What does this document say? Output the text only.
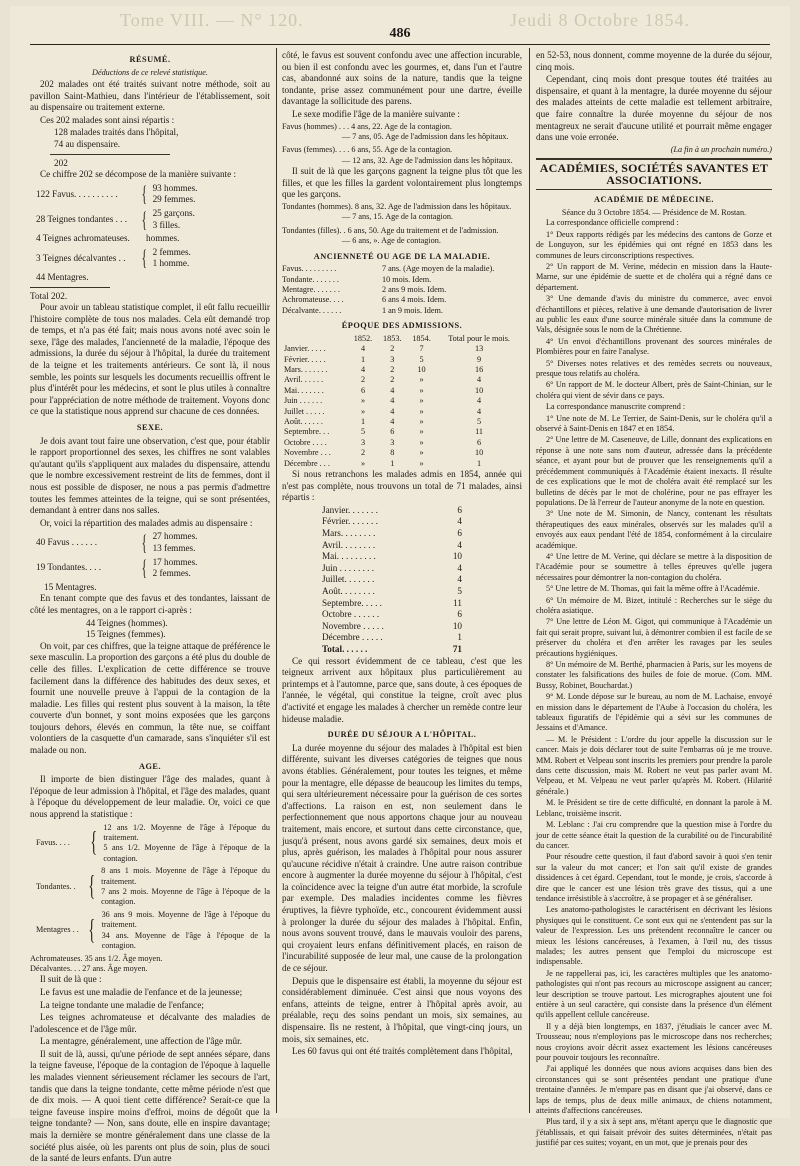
Tome VIII. — N° 120.	Jeudi 8 Octobre 1854.
486
RÉSUMÉ.

Déductions de ce relevé statistique.

202 malades ont été traités suivant notre méthode, soit au pavillon Saint-Mathieu, dans l'intérieur de l'établissement, soit au dispensaire ou traitement externe.

Ces 202 malades sont ainsi répartis :

128 malades traités dans l'hôpital,
74 au dispensaire.
202

Ce chiffre 202 se décompose de la manière suivante :

122 Favus. . . . . . . . . .	{ 93 hommes.
29 femmes.
28 Teignes tondantes . . . { 25 garçons.
3 filles.
4 Teignes achromateuses.	hommes.
3 Teignes décalvantes . . { 2 femmes.
1 homme.
44 Mentagres.
Total 202.

Pour avoir un tableau statistique complet, il eût fallu recueillir l'histoire complète de tous nos malades. Cela eût demandé trop de temps, et n'a pas été fait; mais nous avons noté avec soin le sexe, l'âge des malades, l'ancienneté de la maladie, l'époque des admissions, la durée du séjour à l'hôpital, la durée du traitement de la teigne et les traitements antérieurs. Ce sont là, il nous semble, les points sur lesquels les documents recueillis offrent le plus d'intérêt pour les médecins, et sont le plus utiles à connaître pour l'appréciation de notre méthode de traitement. Voyons donc ce que la statistique nous apprend sur chacune de ces données.

SEXE.

Je dois avant tout faire une observation, c'est que, pour établir le rapport proportionnel des sexes, les chiffres ne sont valables qu'autant qu'ils s'appliquent aux malades du dispensaire, attendu que le nombre excessivement restreint de lits de femmes, dont il nous est possible de disposer, ne nous a pas permis d'admettre toutes les femmes atteintes de la teigne, qui se sont présentées, demandant à entrer dans nos salles.

Or, voici la répartition des malades admis au dispensaire :

40 Favus . . . . . .	{ 27 hommes.
13 femmes.
19 Tondantes. . . .	{ 17 hommes.
2 femmes.
15 Mentagres.

En tenant compte que des favus et des tondantes, laissant de côté les mentagres, on a le rapport ci-après :

44 Teignes (hommes).
15 Teignes (femmes).

On voit, par ces chiffres, que la teigne attaque de préférence le sexe masculin. La proportion des garçons a été plus du double de celle des filles. L'explication de cette différence se trouve facilement dans la différence des habitudes des deux sexes, et fournit une nouvelle preuve à l'appui de la contagion de la maladie. Les filles qui restent plus souvent à la maison, la tête couverte d'un bonnet, y sont moins exposées que les garçons toujours dehors, élevés en commun, la tête nue, se coiffant volontiers de la casquette d'un camarade, sans s'inquiéter s'il est malade ou non.

AGE.

Il importe de bien distinguer l'âge des malades, quant à l'époque de leur admission à l'hôpital, et l'âge des malades, quant à l'époque du développement de leur maladie. Or, voici ce que nous apprend la statistique :

Favus. . . . {
12 ans 1/2. Moyenne de l'âge à l'époque du traitement.
5 ans 1/2. Moyenne de l'âge à l'époque de la contagion.
Tondantes. . {
8 ans 1 mois. Moyenne de l'âge à l'époque du traitement.
7 ans 2 mois. Moyenne de l'âge à l'époque de la contagion.
Mentagres . . {
36 ans 9 mois. Moyenne de l'âge à l'époque du traitement.
34 ans. Moyenne de l'âge à l'époque de la contagion.
Achromateuses. 35 ans 1/2. Âge moyen.
Décalvantes. . . 27 ans. Âge moyen.

Il suit de là que :

Le favus est une maladie de l'enfance et de la jeunesse;

La teigne tondante une maladie de l'enfance;

Les teignes achromateuse et décalvante des maladies de l'adolescence et de l'âge mûr.

La mentagre, généralement, une affection de l'âge mûr.

Il suit de là, aussi, qu'une période de sept années sépare, dans la teigne faveuse, l'époque de la contagion de l'époque à laquelle les malades viennent sérieusement réclamer les secours de l'art, tandis que dans la teigne tondante, cette même période n'est que de dix mois. — A quoi tient cette différence? Serait-ce que la teigne faveuse inspire moins d'effroi, moins de dégoût que la teigne tondante? — Non, sans doute, elle en inspire davantage; mais la dernière se montre généralement dans une classe de la société plus aisée, où les parents ont plus de soin, plus de souci de la santé de leurs enfants. D'un autre

côté, le favus est souvent confondu avec une affection incurable, ou bien il est confondu avec les gourmes, et, dans l'un et l'autre cas, abandonné aux soins de la nature, tandis que la teigne tondante, prise assez communément pour une dartre, éveille davantage la sollicitude des parens.

Le sexe modifie l'âge de la manière suivante :

Favus (hommes) . . . 4 ans, 22. Age de la contagion.
— 7 ans, 05. Age de l'admission dans les hôpitaux.
Favus (femmes). . . . 6 ans, 55. Age de la contagion.
— 12 ans, 32. Age de l'admission dans les hôpitaux.

Il suit de là que les garçons gagnent la teigne plus tôt que les filles, et que les filles la gardent volontairement plus longtemps que les garçons.

Tondantes (hommes). 8 ans, 32. Age de l'admission dans les hôpitaux.
— 7 ans, 15. Age de la contagion.
Tondantes (filles). . 6 ans, 50. Age du traitement et de l'admission.
— 6 ans, ». Age de contagion.
ANCIENNETÉ OU AGE DE LA MALADIE.
Favus. . . . . . . . .	7 ans. (Age moyen de la maladie).
Tondante. . . . . . .	10 mois. Idem.
Mentagre. . . . . . .	2 ans 9 mois. Idem.
Achromateuse. . . .	6 ans 4 mois. Idem.
Décalvante. . . . . .	1 an 9 mois. Idem.
ÉPOQUE DES ADMISSIONS.
	1852.	1853.	1854.	Total pour le mois.
Janvier. . . . .	4	2	7	13
Février. . . . .	1	3	5	9
Mars. . . . . . .	4	2	10	16
Avril. . . . . .	2	2	»	4
Mai. . . . . . .	6	4	»	10
Juin . . . . . .	»	4	»	4
Juillet . . . . .	»	4	»	4
Août. . . . . .	1	4	»	5
Septembre. . .	5	6	»	11
Octobre . . . .	3	3	»	6
Novembre . . .	2	8	»	10
Décembre . . .	»	1	»	1

Si nous retranchons les malades admis en 1854, année qui n'est pas complète, nous trouvons un total de 71 malades, ainsi répartis :

Janvier. . . . . . .	6
Février. . . . . . .	4
Mars. . . . . . . .	6
Avril. . . . . . . .	4
Mai. . . . . . . . .	10
Juin . . . . . . . .	4
Juillet. . . . . . .	4
Août. . . . . . . .	5
Septembre. . . . .	11
Octobre . . . . . .	6
Novembre . . . . .	10
Décembre . . . . .	1
Total. . . . . .	71

Ce qui ressort évidemment de ce tableau, c'est que les teigneux arrivent aux hôpitaux plus particulièrement au printemps et à l'automne, parce que, sans doute, à ces époques de l'année, le végétal, qui constitue la teigne, croît avec plus d'activité et engage les malades à chercher un remède contre leur hideuse maladie.

DURÉE DU SÉJOUR A L'HÔPITAL.

La durée moyenne du séjour des malades à l'hôpital est bien différente, suivant les diverses catégories de teignes que nous avons établies. Généralement, pour toutes les teignes, et même pour la mentagre, elle dépasse de beaucoup les limites du temps, qui sera ultérieurement nécessaire pour la guérison de ces sortes d'affections. La raison en est, non seulement dans le perfectionnement que nous apportons chaque jour au nouveau traitement, mais encore, et surtout dans cette circonstance, que, jusqu'à présent, nous avons gardé six semaines, deux mois et plus, après guérison, les malades à l'hôpital pour nous assurer qu'aucune récidive n'était à craindre. Une autre raison contribue encore à augmenter la durée moyenne du séjour à l'hôpital, c'est la coïncidence avec la teigne d'un autre état morbide, la scrofule par exemple. Des maladies incidentes comme les fièvres éruptives, la fièvre typhoïde, etc., concourent évidemment aussi à prolonger la durée du séjour des malades à l'hôpital. Enfin, nous avons souvent trouvé, dans le mauvais vouloir des parens, qui croyaient leurs enfans définitivement placés, en raison de l'incurabilité supposée de leur mal, une cause de la prolongation de ce séjour.

Depuis que le dispensaire est établi, la moyenne du séjour est considérablement diminuée. C'est ainsi que nous voyons des enfans, atteints de teigne, entrer à l'hôpital après avoir, au préalable, reçu des soins pendant un mois, six semaines, au dispensaire. Ils ne restent, à l'hôpital, que vingt-cinq jours, un mois, six semaines, etc.

Les 60 favus qui ont été traités complètement dans l'hôpital,

en 52-53, nous donnent, comme moyenne de la durée du séjour, cinq mois.

Cependant, cinq mois dont presque toutes été traitées au dispensaire, et quant à la mentagre, la durée moyenne du séjour des malades atteints de cette maladie est tellement arbitraire, que faire connaître la durée moyenne du séjour de nos mentagreux ne serait d'aucune utilité et pourrait même engager dans une voie erronée.

(La fin à un prochain numéro.)
ACADÉMIES, SOCIÉTÉS SAVANTES ET ASSOCIATIONS.
ACADÉMIE DE MÉDECINE.
Séance du 3 Octobre 1854. — Présidence de M. Rostan.

La correspondance officielle comprend :

1° Deux rapports rédigés par les médecins des cantons de Gorze et de Longuyon, sur les épidémies qui ont régné en 1853 dans les communes de leurs circonscriptions respectives.

2° Un rapport de M. Verine, médecin en mission dans la Haute-Marne, sur une épidémie de suette et de choléra qui a régné dans ce département.

3° Une demande d'avis du ministre du commerce, avec envoi d'échantillons et pièces, relative à une demande d'autorisation de livrer au public les eaux d'une source minérale située dans la commune de Vals, désignée sous le nom de la Chrétienne.

4° Un envoi d'échantillons provenant des sources minérales de Plombières pour en faire l'analyse.

5° Diverses notes relatives et des remèdes secrets ou nouveaux, presque tous relatifs au choléra.

6° Un rapport de M. le docteur Albert, près de Saint-Chinian, sur le choléra qui vient de sévir dans ce pays.

La correspondance manuscrite comprend :

1° Une note de M. Le Terrier, de Saint-Denis, sur le choléra qu'il a observé à Saint-Denis en 1847 et en 1854.

2° Une lettre de M. Caseneuve, de Lille, donnant des explications en réponse à une note sans nom d'auteur, adressée dans la précédente séance, et ayant pour but de prouver que les renseignements qu'il a précédemment communiqués à l'Académie étaient inexacts. Il résulte de ces explications que le mot de choléra avait été remplacé sur les bulletins de décès par le mot de cholérine, pour ne pas effrayer les populations. De là l'erreur de l'auteur anonyme de la note en question.

3° Une note de M. Simonin, de Nancy, contenant les résultats thérapeutiques des eaux minérales, observés sur les malades qu'il a envoyés aux eaux pendant l'été de 1854, conformément à la circulaire académique.

4° Une lettre de M. Verine, qui déclare se mettre à la disposition de l'Académie pour se soumettre à telles épreuves qu'elle jugera nécessaires pour démontrer la non-contagion du choléra.

5° Une lettre de M. Thomas, qui fait la même offre à l'Académie.

6° Un mémoire de M. Bizet, intitulé : Recherches sur le siège du choléra asiatique.

7° Une lettre de Léon M. Gigot, qui communique à l'Académie un fait qui serait propre, suivant lui, à démontrer combien il est facile de se préserver du choléra et d'en arrêter les ravages par les seules précautions hygiéniques.

8° Un mémoire de M. Berthé, pharmacien à Paris, sur les moyens de constater les falsifications des huiles de foie de morue. (Com. MM. Bussy, Robinet, Bouchardat.)

9° M. Londe dépose sur le bureau, au nom de M. Lachaise, envoyé en mission dans le département de l'Aube à l'occasion du choléra, les tableaux figuratifs de l'épidémie qui a sévi sur les communes de Jessains et d'Amance.

— M. le Président : L'ordre du jour appelle la discussion sur le cancer. Mais je dois déclarer tout de suite l'embarras où je me trouve. MM. Robert et Velpeau sont inscrits les premiers pour prendre la parole dans cette discussion, mais M. Robert ne veut pas parler avant M. Velpeau, et M. Velpeau ne veut parler qu'après M. Robert. (Hilarité générale.)

M. le Président se tire de cette difficulté, en donnant la parole à M. Leblanc, troisième inscrit.

M. Leblanc : J'ai cru comprendre que la question mise à l'ordre du jour de cette séance était la question de la curabilité ou de l'incurabilité du cancer.

Pour résoudre cette question, il faut d'abord savoir à quoi s'en tenir sur la valeur du mot cancer; et l'on sait qu'il existe de grandes dissidences à cet égard. Cependant, tout le monde, je crois, s'accorde à dire que le cancer est une lésion très grave des tissus, qui a une tendance irrésistible à s'accroître, à se propager et à se généraliser.

Les anatomo-pathologistes le caractérisent en décrivant les lésions physiques qui le constituent. Ce sont eux qui ne s'entendent pas sur la valeur de l'expression. Les uns prétendent reconnaître le cancer ou mieux les lésions cancéreuses, à l'examen, à l'œil nu, des tissus malades; les autres pensent que l'emploi du microscope est indispensable.

Je ne rappellerai pas, ici, les caractères multiples que les anatomo-pathologistes qui n'ont pas recours au microscope assignent au cancer; leur description se trouve partout. Les micrographes ajoutent une foi entière à un seul caractère, qui consiste dans la présence d'un élément qu'ils appellent cellule cancéreuse.

Il y a déjà bien longtemps, en 1837, j'étudiais le cancer avec M. Trousseau; nous n'employions pas le microscope dans nos recherches; nous croyions avoir décrit assez exactement les lésions cancéreuses pour pouvoir toujours les reconnaître.

J'ai appliqué les données que nous avions acquises dans bien des circonstances qui se sont présentées pendant une pratique d'une trentaine d'années. Je m'empare pas en disant que j'ai observé, dans ce laps de temps, plus de deux mille animaux, de chiens notamment, atteints d'affections cancéreuses.

Plus tard, il y a six à sept ans, m'étant aperçu que le diagnostic que j'établissais, et qui faisait prévoir des suites déterminées, n'était pas justifié par ces suites; voyant, en un mot, que je prenais pour des
